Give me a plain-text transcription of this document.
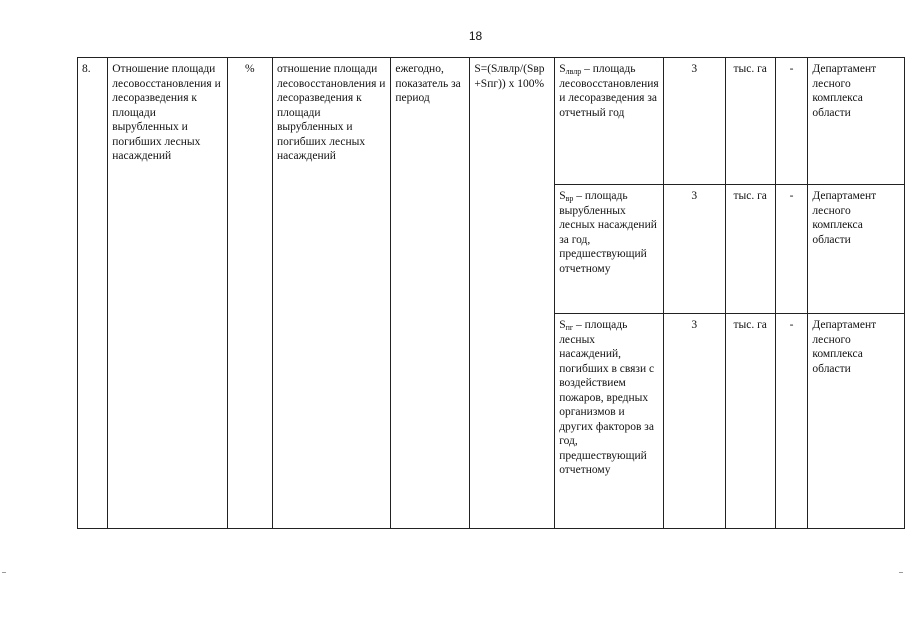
18
8.	Отношение площади лесовосстановления и лесоразведения к площади вырубленных и погибших лесных насаждений	%	отношение площади лесовосстановления и лесоразведения к площади вырубленных и погибших лесных насаждений	ежегодно, показатель за период	S=(Sлвлр/(Sвр +Sпг)) х 100%	$S_{лвлр}$ – площадь лесовосстановления и лесоразведения за отчетный год	3	тыс. га	-	Департамент лесного комплекса области
						$S_{вр}$ – площадь вырубленных лесных насаждений за год, предшествующий отчетному	3	тыс. га	-	Департамент лесного комплекса области
						$S_{пг}$ – площадь лесных насаждений, погибших в связи с воздействием пожаров, вредных организмов и других факторов за год, предшествующий отчетному	3	тыс. га	-	Департамент лесного комплекса области
